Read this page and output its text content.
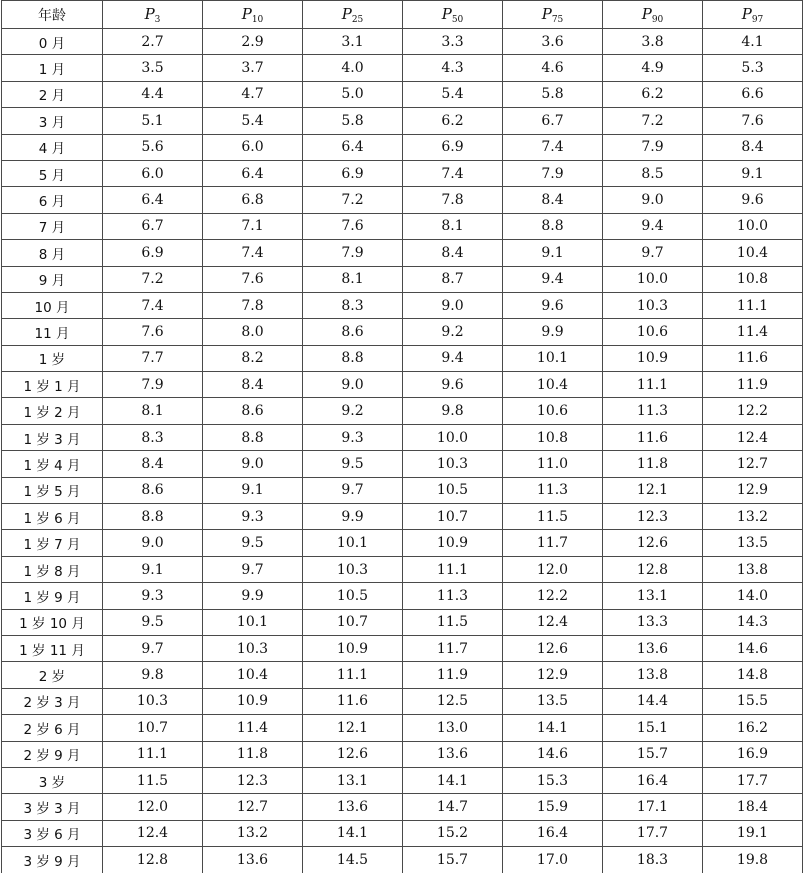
年龄	$P_3$	$P_{10}$	$P_{25}$	$P_{50}$	$P_{75}$	$P_{90}$	$P_{97}$
0 月	2.7	2.9	3.1	3.3	3.6	3.8	4.1
1 月	3.5	3.7	4.0	4.3	4.6	4.9	5.3
2 月	4.4	4.7	5.0	5.4	5.8	6.2	6.6
3 月	5.1	5.4	5.8	6.2	6.7	7.2	7.6
4 月	5.6	6.0	6.4	6.9	7.4	7.9	8.4
5 月	6.0	6.4	6.9	7.4	7.9	8.5	9.1
6 月	6.4	6.8	7.2	7.8	8.4	9.0	9.6
7 月	6.7	7.1	7.6	8.1	8.8	9.4	10.0
8 月	6.9	7.4	7.9	8.4	9.1	9.7	10.4
9 月	7.2	7.6	8.1	8.7	9.4	10.0	10.8
10 月	7.4	7.8	8.3	9.0	9.6	10.3	11.1
11 月	7.6	8.0	8.6	9.2	9.9	10.6	11.4
1 岁	7.7	8.2	8.8	9.4	10.1	10.9	11.6
1 岁 1 月	7.9	8.4	9.0	9.6	10.4	11.1	11.9
1 岁 2 月	8.1	8.6	9.2	9.8	10.6	11.3	12.2
1 岁 3 月	8.3	8.8	9.3	10.0	10.8	11.6	12.4
1 岁 4 月	8.4	9.0	9.5	10.3	11.0	11.8	12.7
1 岁 5 月	8.6	9.1	9.7	10.5	11.3	12.1	12.9
1 岁 6 月	8.8	9.3	9.9	10.7	11.5	12.3	13.2
1 岁 7 月	9.0	9.5	10.1	10.9	11.7	12.6	13.5
1 岁 8 月	9.1	9.7	10.3	11.1	12.0	12.8	13.8
1 岁 9 月	9.3	9.9	10.5	11.3	12.2	13.1	14.0
1 岁 10 月	9.5	10.1	10.7	11.5	12.4	13.3	14.3
1 岁 11 月	9.7	10.3	10.9	11.7	12.6	13.6	14.6
2 岁	9.8	10.4	11.1	11.9	12.9	13.8	14.8
2 岁 3 月	10.3	10.9	11.6	12.5	13.5	14.4	15.5
2 岁 6 月	10.7	11.4	12.1	13.0	14.1	15.1	16.2
2 岁 9 月	11.1	11.8	12.6	13.6	14.6	15.7	16.9
3 岁	11.5	12.3	13.1	14.1	15.3	16.4	17.7
3 岁 3 月	12.0	12.7	13.6	14.7	15.9	17.1	18.4
3 岁 6 月	12.4	13.2	14.1	15.2	16.4	17.7	19.1
3 岁 9 月	12.8	13.6	14.5	15.7	17.0	18.3	19.8
